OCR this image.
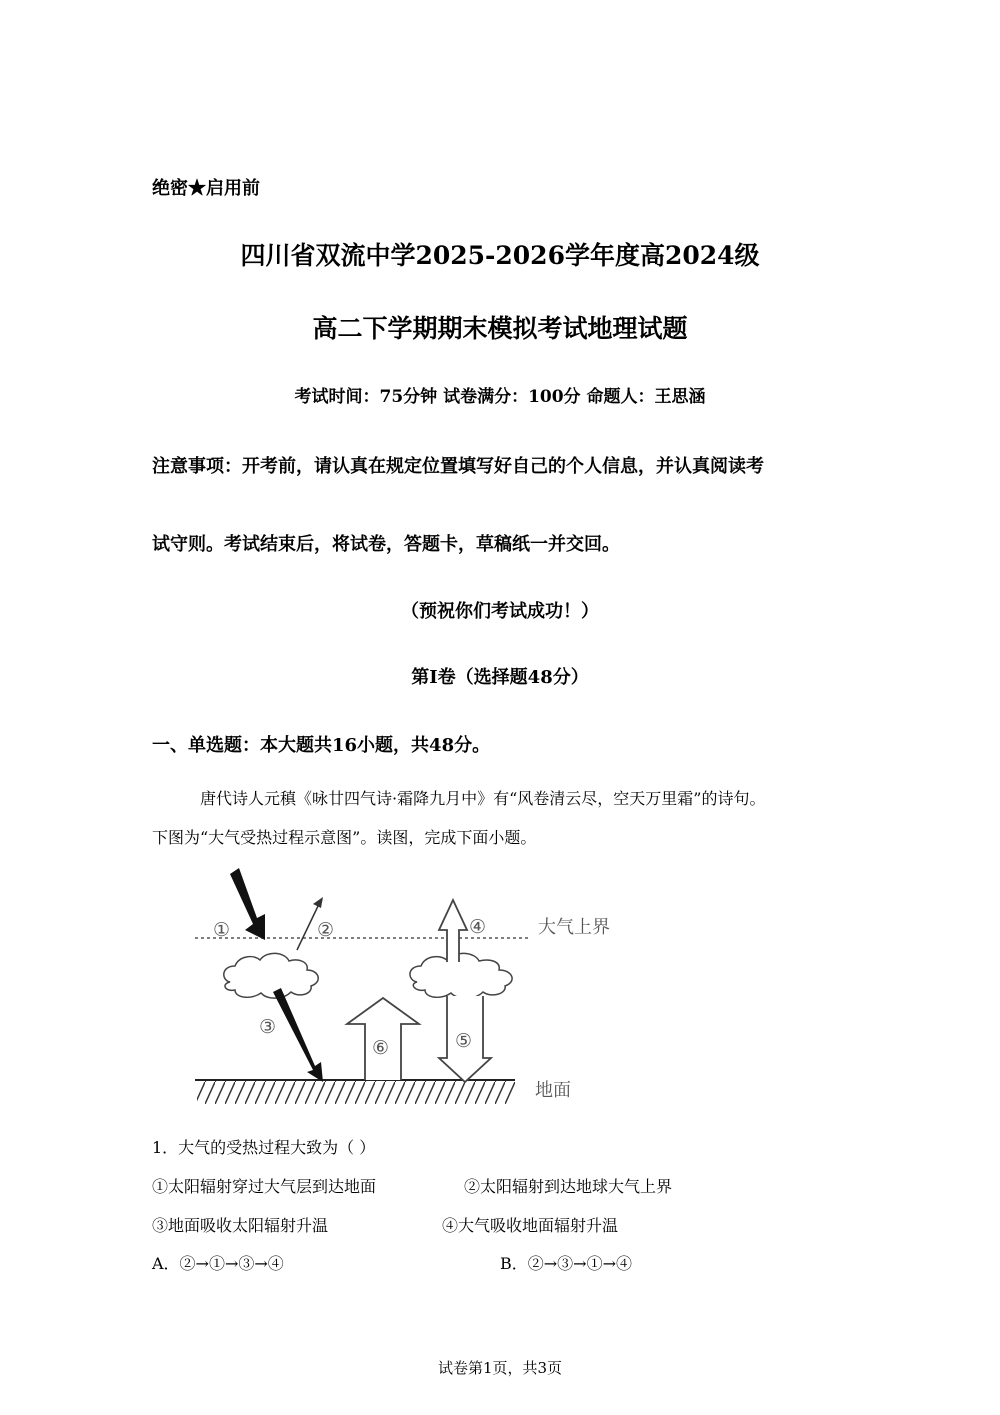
绝密★启用前
四川省双流中学2025-2026学年度高2024级
高二下学期期末模拟考试地理试题
考试时间：75分钟 试卷满分：100分 命题人：王思涵
注意事项：开考前，请认真在规定位置填写好自己的个人信息，并认真阅读考
试守则。考试结束后，将试卷，答题卡，草稿纸一并交回。
（预祝你们考试成功！）
第I卷（选择题48分）
一、单选题：本大题共16小题，共48分。
唐代诗人元稹《咏廿四气诗·霜降九月中》有“风卷清云尽，空天万里霜”的诗句。
下图为“大气受热过程示意图”。读图，完成下面小题。
①	②
③
④
⑤
⑥
大气上界
地面
1．大气的受热过程大致为（ ）
①太阳辐射穿过大气层到达地面	②太阳辐射到达地球大气上界
③地面吸收太阳辐射升温	④大气吸收地面辐射升温
A．②→①→③→④	B．②→③→①→④
试卷第1页，共3页
